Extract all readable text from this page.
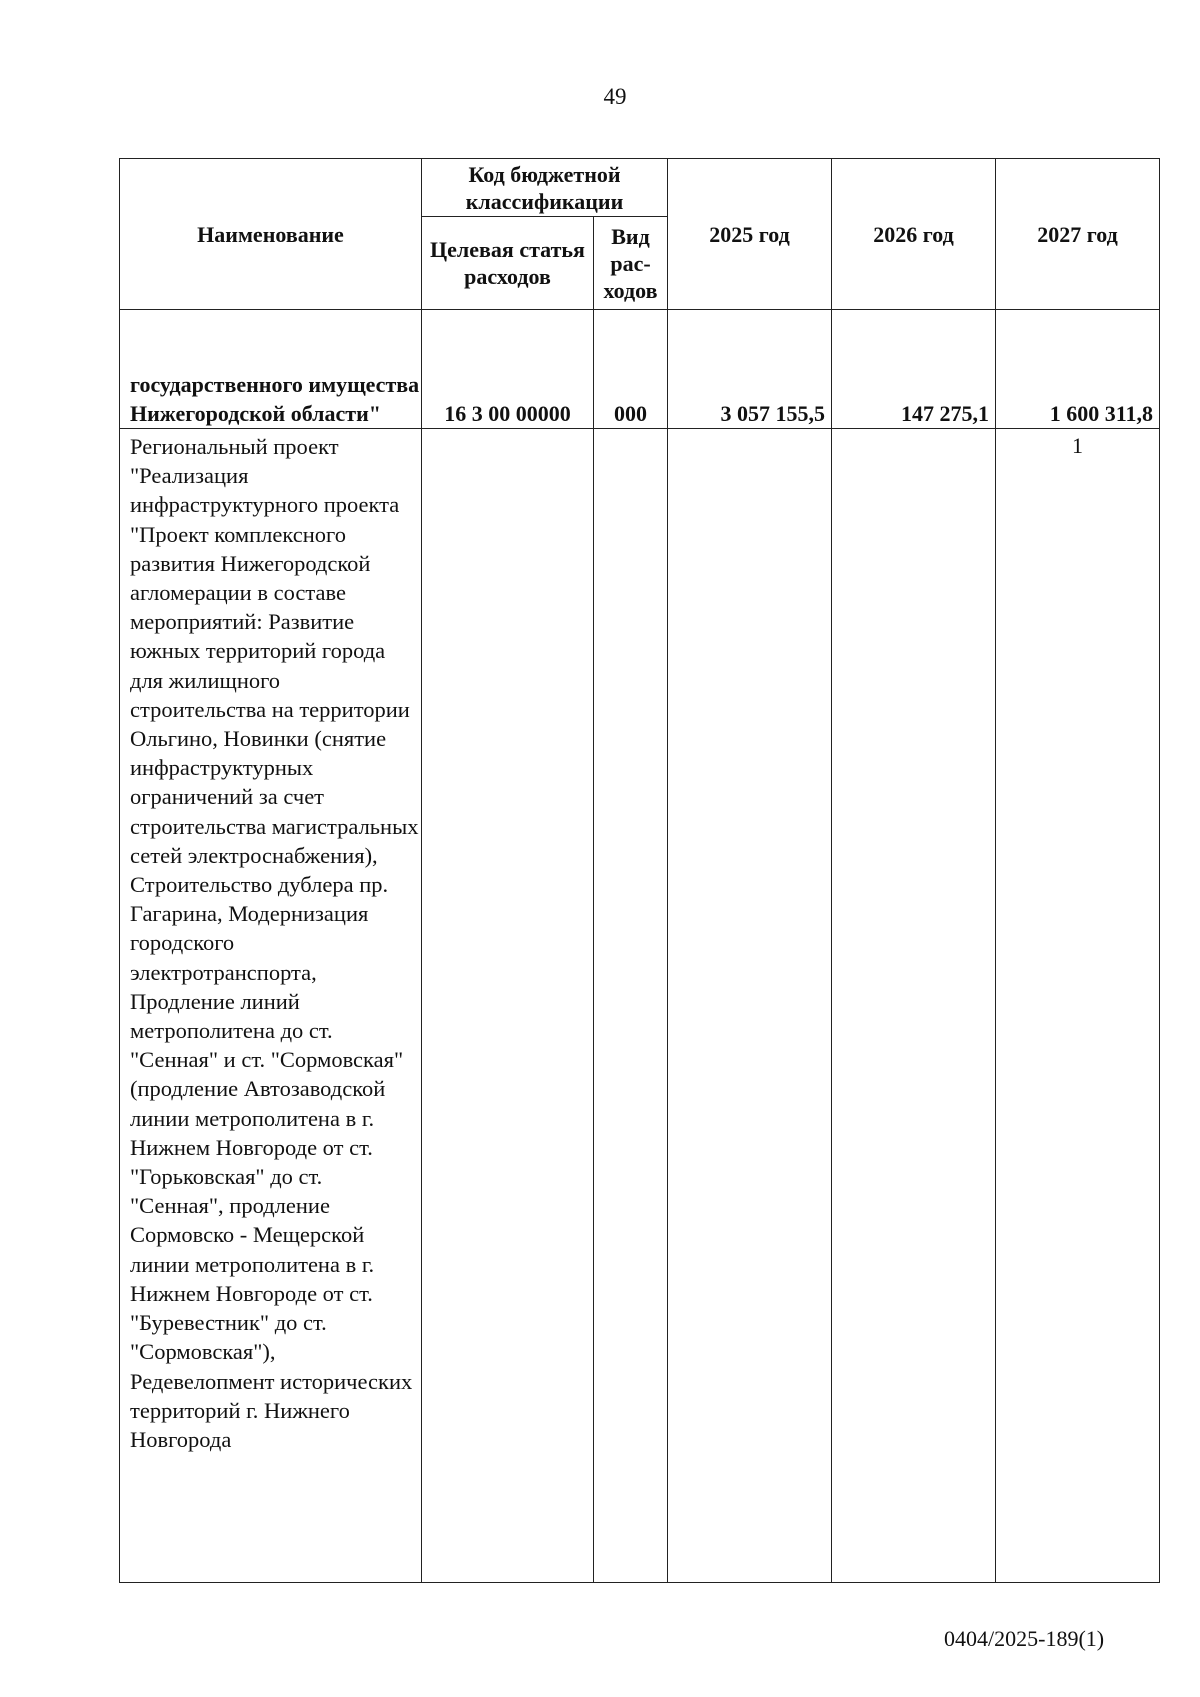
49
Наименование	Код бюджетной классификации		2025 год	2026 год	2027 год
	Целевая статья расходов	Вид рас-
ходов			
государственного имущества Нижегородской области"	16 3 00 00000	000	3 057 155,5	147 275,1	1 600 311,8
Региональный проект "Реализация инфраструктурного проекта "Проект комплексного развития Нижегородской агломерации в составе мероприятий: Развитие южных территорий города для жилищного строительства на территории Ольгино, Новинки (снятие инфраструктурных ограничений за счет строительства магистральных сетей электроснабжения), Строительство дублера пр. Гагарина, Модернизация городского электротранспорта, Продление линий метрополитена до ст. "Сенная" и ст. "Сормовская" (продление Автозаводской линии метрополитена в г. Нижнем Новгороде от ст. "Горьковская" до ст. "Сенная", продление Сормовско - Мещерской линии метрополитена в г. Нижнем Новгороде от ст. "Буревестник" до ст. "Сормовская"), Редевелопмент исторических территорий г. Нижнего Новгорода					1
0404/2025-189(1)
